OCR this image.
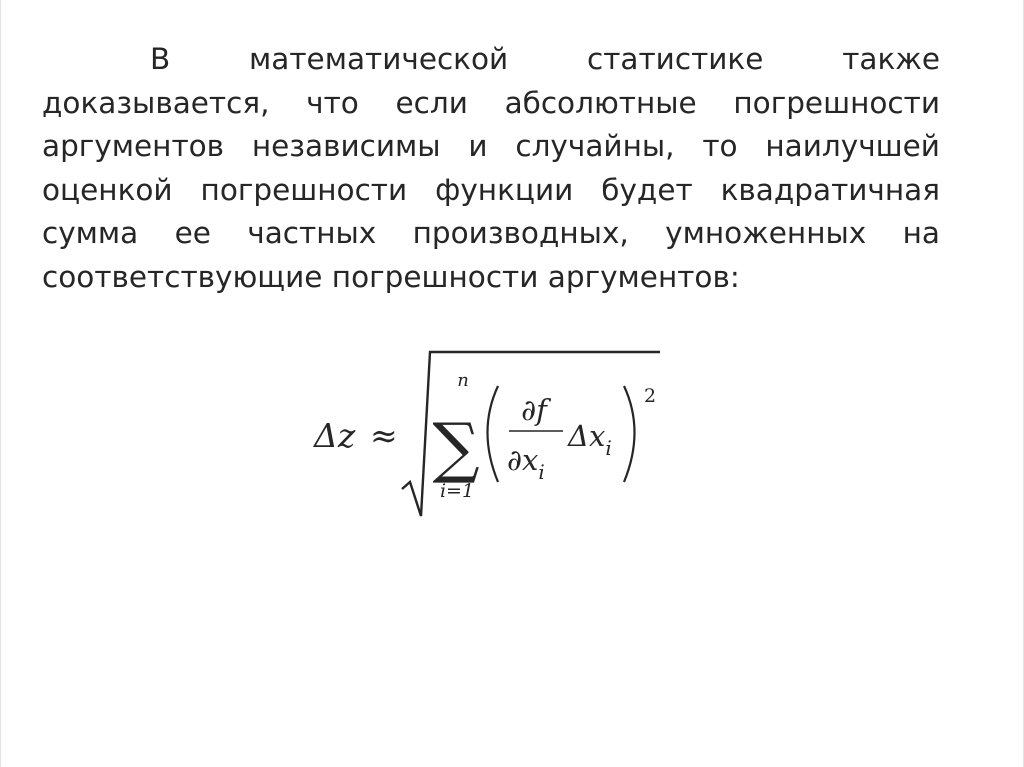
В	математической	статистике	также
доказывается, что если абсолютные погрешности
аргументов независимы и случайны, то наилучшей
оценкой погрешности функции будет квадратичная
сумма ее частных производных, умноженных на
соответствующие погрешности аргументов:
Δz ≈
n
∑
i=1
∂f
$\partial x_i$
$\Delta x_i$
2
